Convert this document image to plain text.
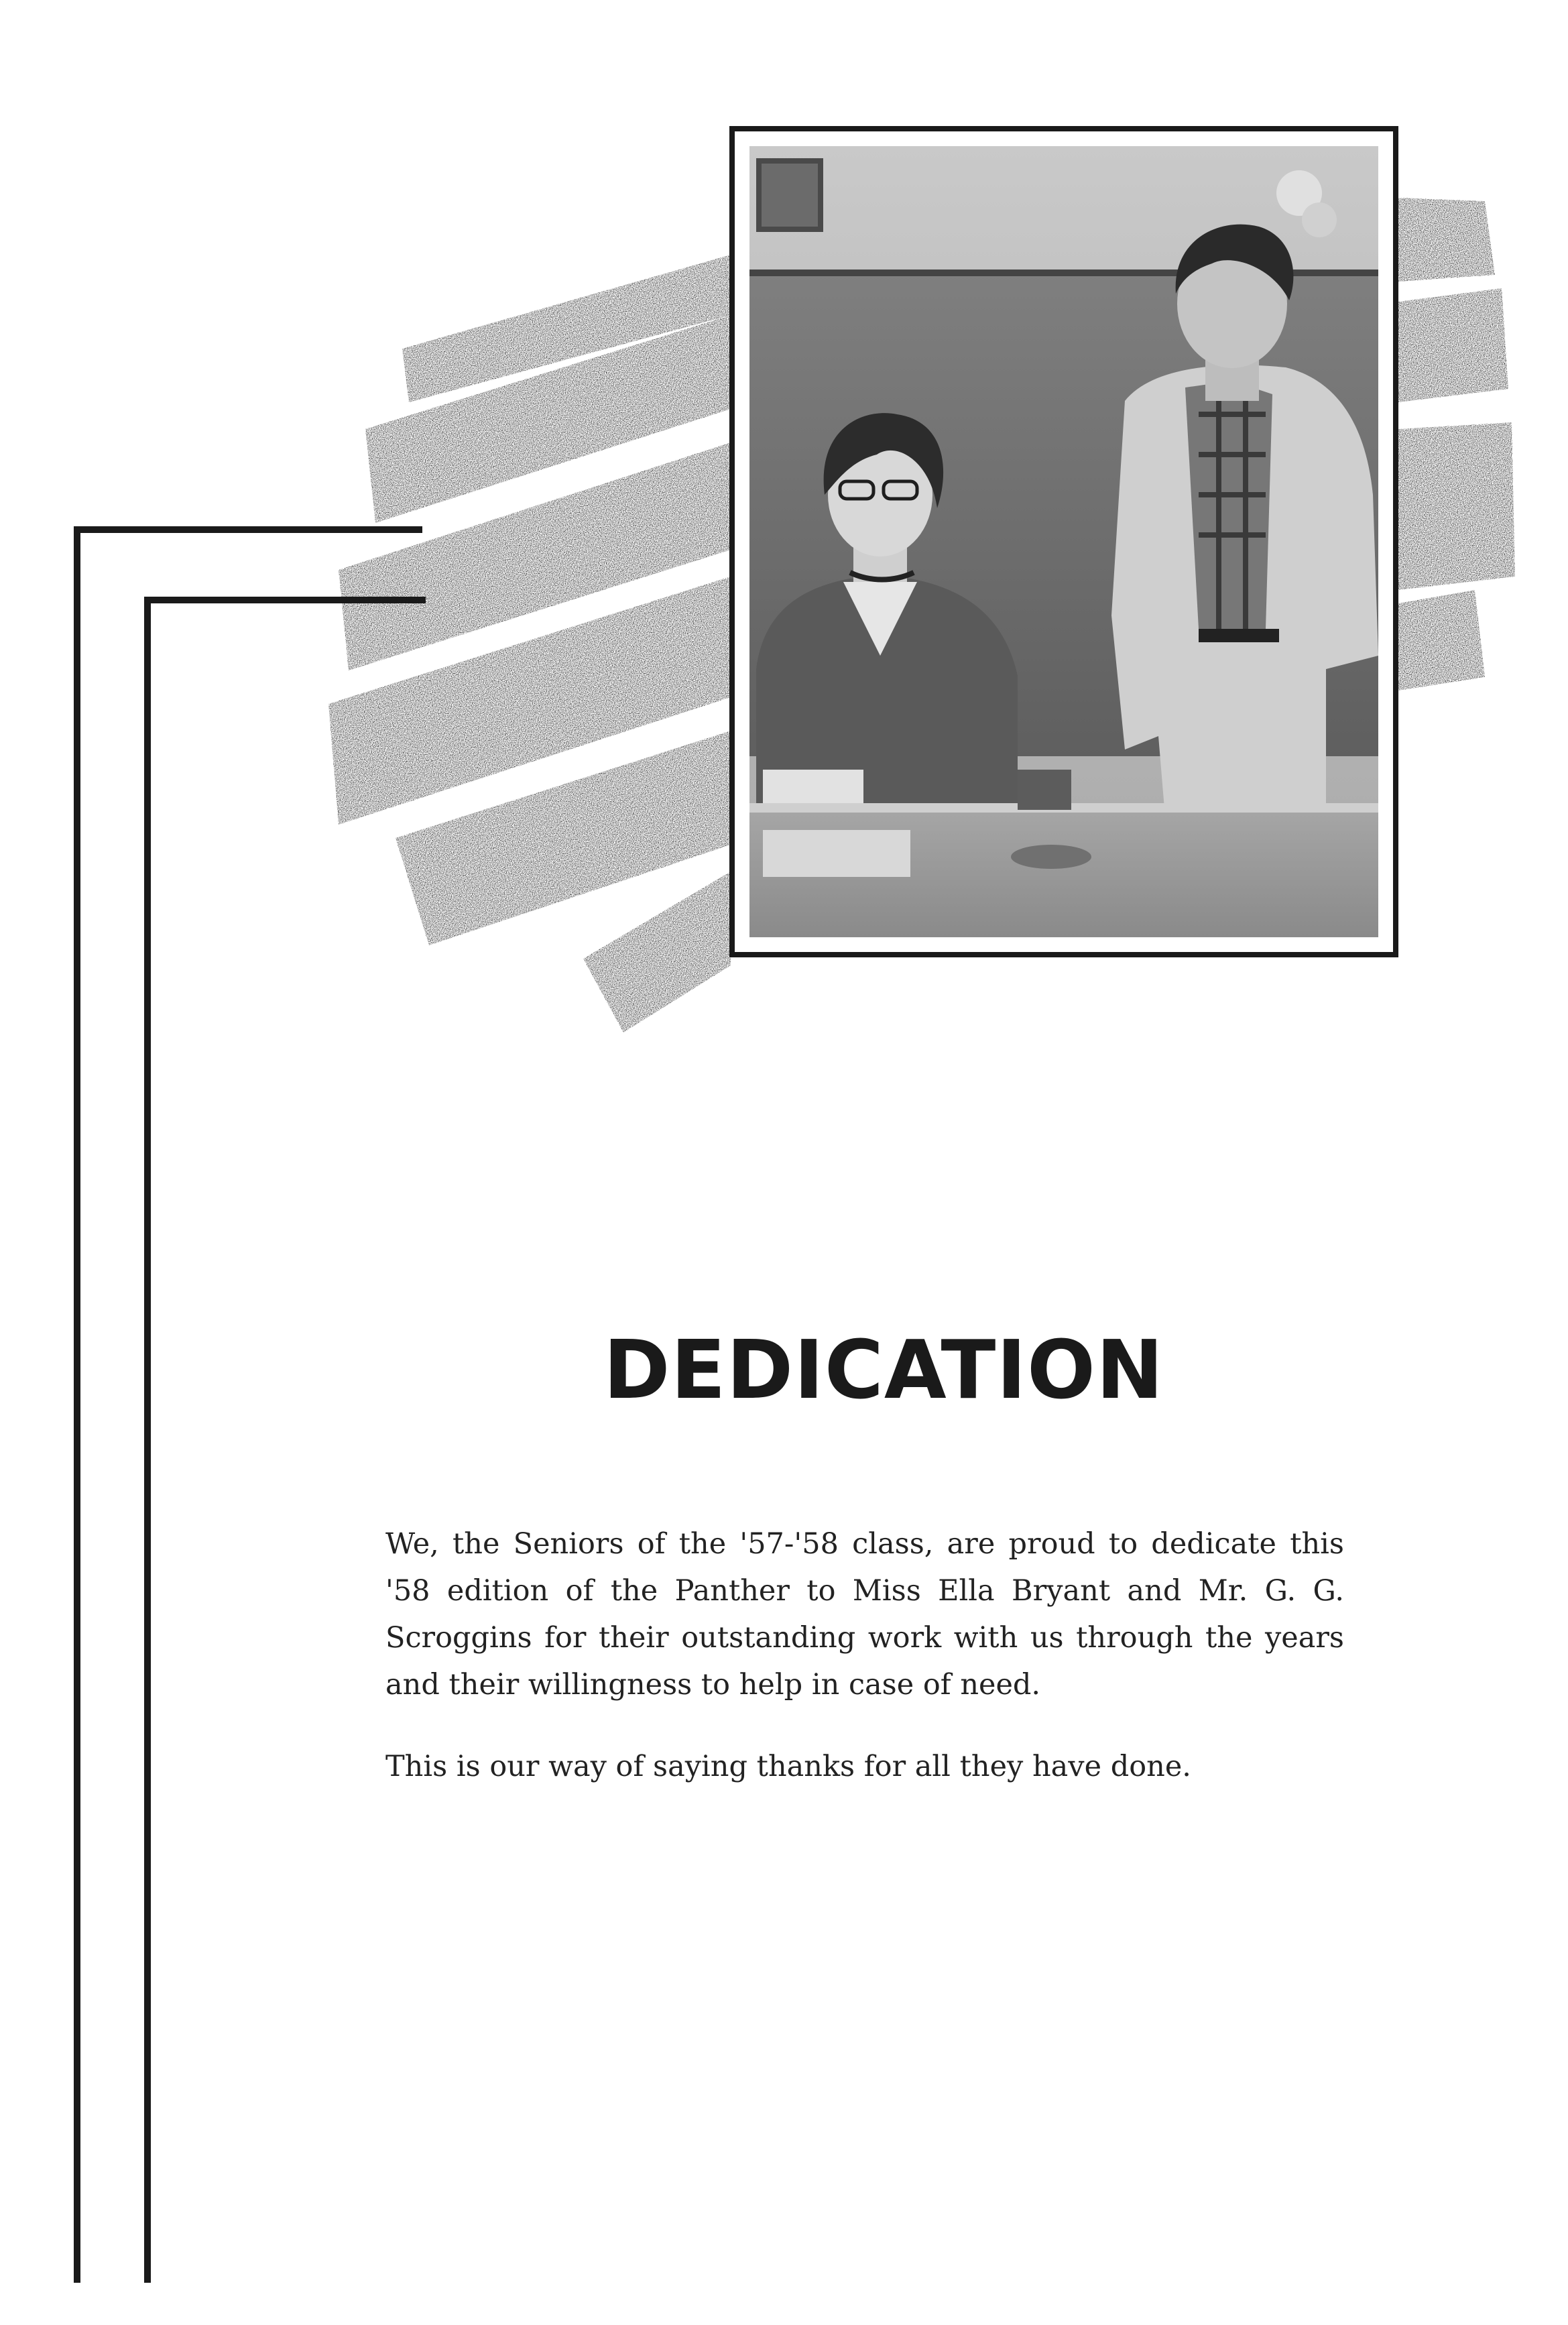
DEDICATION

We, the Seniors of the '57-'58 class, are proud to dedicate this '58 edition of the Panther to Miss Ella Bryant and Mr. G. G. Scroggins for their outstanding work with us through the years and their willingness to help in case of need.

This is our way of saying thanks for all they have done.
